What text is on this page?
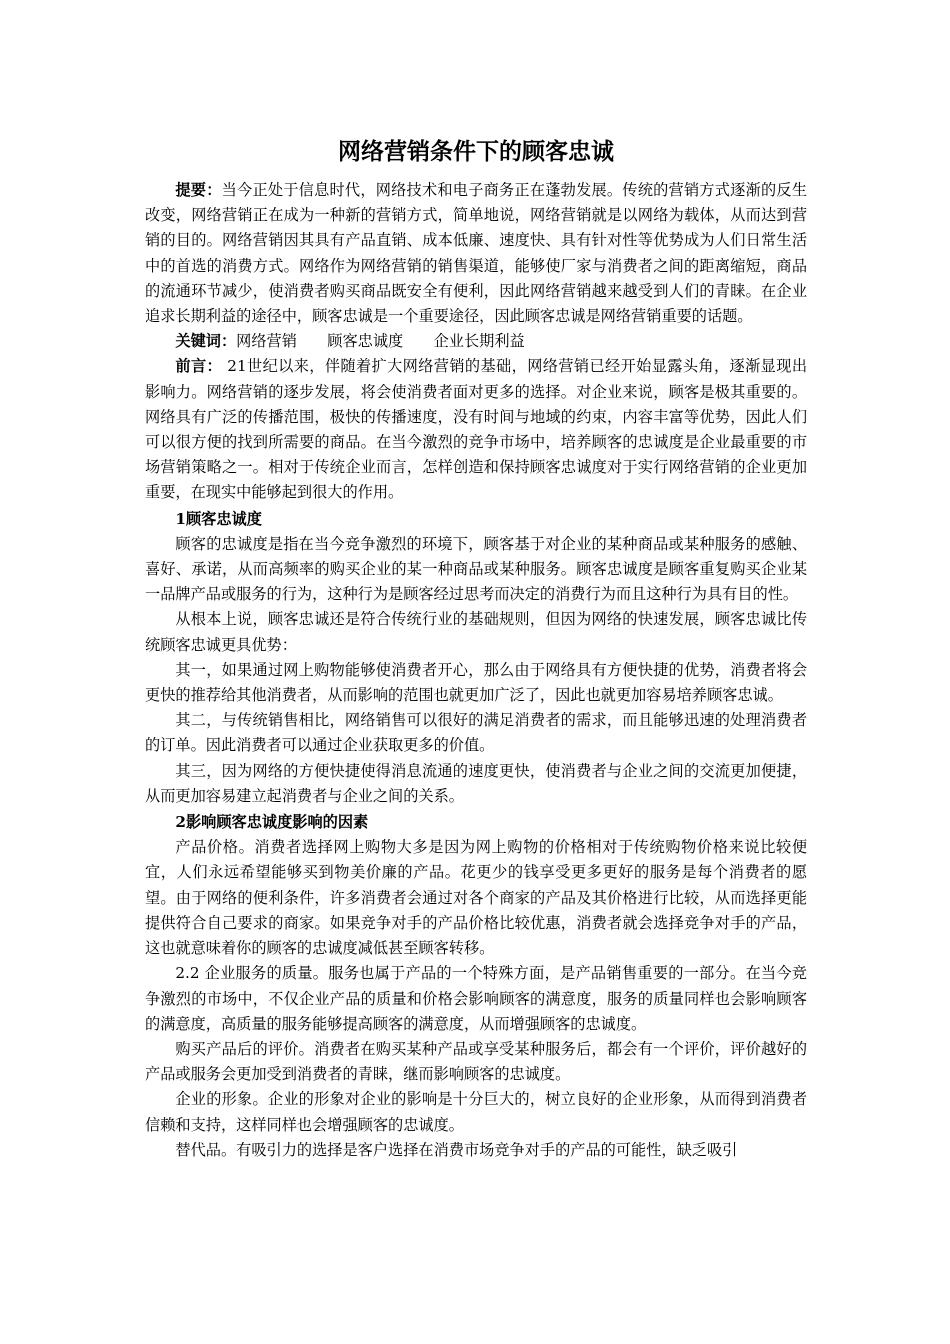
网络营销条件下的顾客忠诚

提要：当今正处于信息时代，网络技术和电子商务正在蓬勃发展。传统的营销方式逐渐的反生改变，网络营销正在成为一种新的营销方式，简单地说，网络营销就是以网络为载体，从而达到营销的目的。网络营销因其具有产品直销、成本低廉、速度快、具有针对性等优势成为人们日常生活中的首选的消费方式。网络作为网络营销的销售渠道，能够使厂家与消费者之间的距离缩短，商品的流通环节减少，使消费者购买商品既安全有便利，因此网络营销越来越受到人们的青睐。在企业追求长期利益的途径中，顾客忠诚是一个重要途径，因此顾客忠诚是网络营销重要的话题。

关键词：网络营销 顾客忠诚度 企业长期利益

前言： 21世纪以来，伴随着扩大网络营销的基础，网络营销已经开始显露头角，逐渐显现出影响力。网络营销的逐步发展，将会使消费者面对更多的选择。对企业来说，顾客是极其重要的。网络具有广泛的传播范围，极快的传播速度，没有时间与地域的约束，内容丰富等优势，因此人们可以很方便的找到所需要的商品。在当今激烈的竞争市场中，培养顾客的忠诚度是企业最重要的市场营销策略之一。相对于传统企业而言，怎样创造和保持顾客忠诚度对于实行网络营销的企业更加重要，在现实中能够起到很大的作用。

1顾客忠诚度

顾客的忠诚度是指在当今竞争激烈的环境下，顾客基于对企业的某种商品或某种服务的感触、喜好、承诺，从而高频率的购买企业的某一种商品或某种服务。顾客忠诚度是顾客重复购买企业某一品牌产品或服务的行为，这种行为是顾客经过思考而决定的消费行为而且这种行为具有目的性。

从根本上说，顾客忠诚还是符合传统行业的基础规则，但因为网络的快速发展，顾客忠诚比传统顾客忠诚更具优势：

其一，如果通过网上购物能够使消费者开心，那么由于网络具有方便快捷的优势，消费者将会更快的推荐给其他消费者，从而影响的范围也就更加广泛了，因此也就更加容易培养顾客忠诚。

其二，与传统销售相比，网络销售可以很好的满足消费者的需求，而且能够迅速的处理消费者的订单。因此消费者可以通过企业获取更多的价值。

其三，因为网络的方便快捷使得消息流通的速度更快，使消费者与企业之间的交流更加便捷，从而更加容易建立起消费者与企业之间的关系。

2影响顾客忠诚度影响的因素

产品价格。消费者选择网上购物大多是因为网上购物的价格相对于传统购物价格来说比较便宜，人们永远希望能够买到物美价廉的产品。花更少的钱享受更多更好的服务是每个消费者的愿望。由于网络的便利条件，许多消费者会通过对各个商家的产品及其价格进行比较，从而选择更能提供符合自己要求的商家。如果竞争对手的产品价格比较优惠，消费者就会选择竞争对手的产品，这也就意味着你的顾客的忠诚度减低甚至顾客转移。

2.2 企业服务的质量。服务也属于产品的一个特殊方面，是产品销售重要的一部分。在当今竞争激烈的市场中，不仅企业产品的质量和价格会影响顾客的满意度，服务的质量同样也会影响顾客的满意度，高质量的服务能够提高顾客的满意度，从而增强顾客的忠诚度。

购买产品后的评价。消费者在购买某种产品或享受某种服务后，都会有一个评价，评价越好的产品或服务会更加受到消费者的青睐，继而影响顾客的忠诚度。

企业的形象。企业的形象对企业的影响是十分巨大的，树立良好的企业形象，从而得到消费者信赖和支持，这样同样也会增强顾客的忠诚度。

替代品。有吸引力的选择是客户选择在消费市场竞争对手的产品的可能性，缺乏吸引
